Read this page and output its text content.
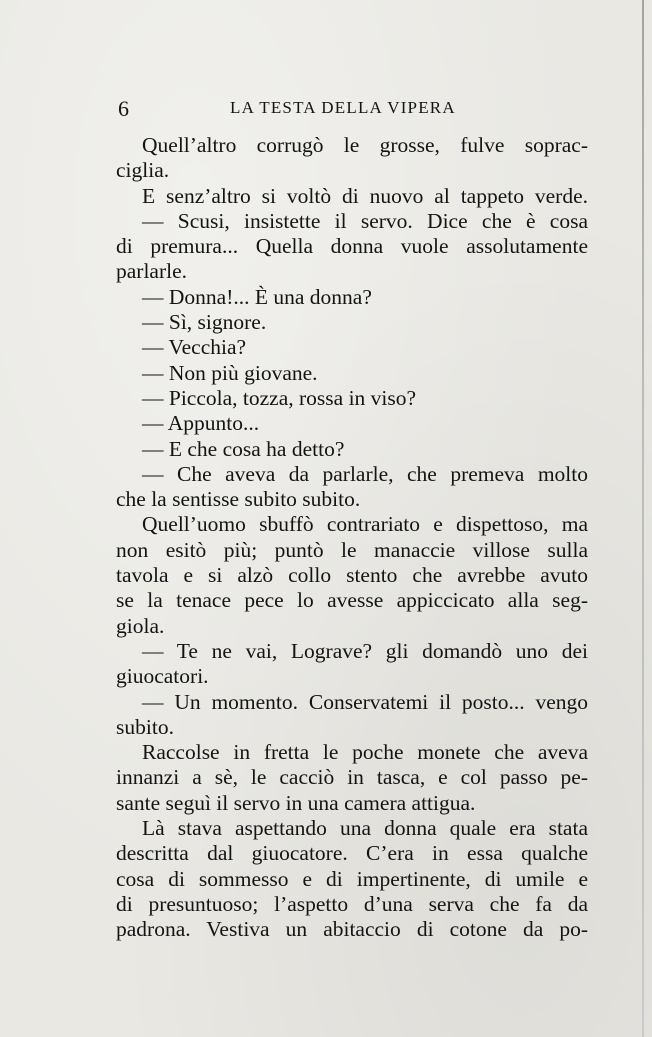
6	LA TESTA DELLA VIPERA
Quell’altro corrugò le grosse, fulve soprac-
ciglia.
E senz’altro si voltò di nuovo al tappeto verde.
— Scusi, insistette il servo. Dice che è cosa
di premura... Quella donna vuole assolutamente
parlarle.
— Donna!... È una donna?
— Sì, signore.
— Vecchia?
— Non più giovane.
— Piccola, tozza, rossa in viso?
— Appunto...
— E che cosa ha detto?
— Che aveva da parlarle, che premeva molto
che la sentisse subito subito.
Quell’uomo sbuffò contrariato e dispettoso, ma
non esitò più; puntò le manaccie villose sulla
tavola e si alzò collo stento che avrebbe avuto
se la tenace pece lo avesse appiccicato alla seg-
giola.
— Te ne vai, Lograve? gli domandò uno dei
giuocatori.
— Un momento. Conservatemi il posto... vengo
subito.
Raccolse in fretta le poche monete che aveva
innanzi a sè, le cacciò in tasca, e col passo pe-
sante seguì il servo in una camera attigua.
Là stava aspettando una donna quale era stata
descritta dal giuocatore. C’era in essa qualche
cosa di sommesso e di impertinente, di umile e
di presuntuoso; l’aspetto d’una serva che fa da
padrona. Vestiva un abitaccio di cotone da po-
